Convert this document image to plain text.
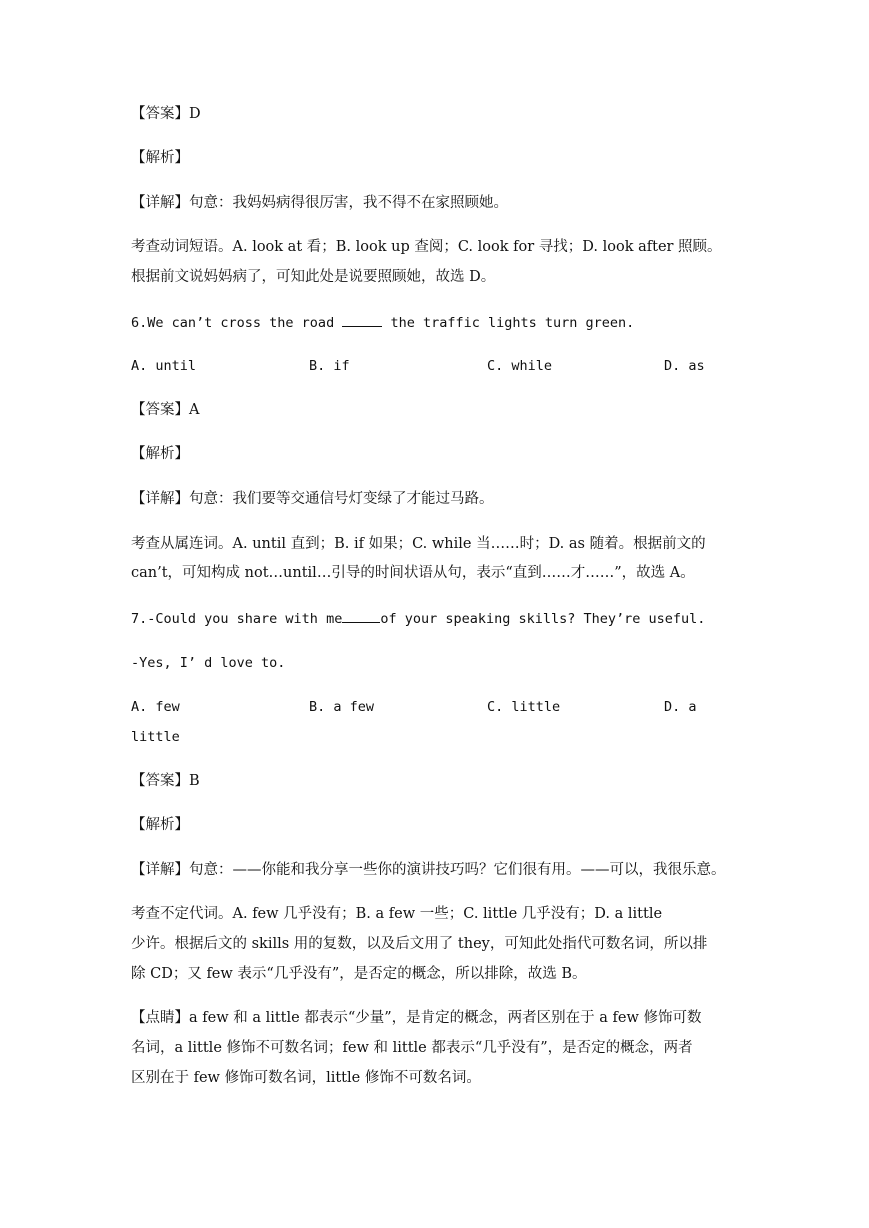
【答案】D
【解析】
【详解】句意：我妈妈病得很厉害，我不得不在家照顾她。
考查动词短语。A. look at 看；B. look up 查阅；C. look for 寻找；D. look after 照顾。
根据前文说妈妈病了，可知此处是说要照顾她，故选 D。
6.We can’t cross the road	the traffic lights turn green.
A. until	B. if	C. while	D. as
【答案】A
【解析】
【详解】句意：我们要等交通信号灯变绿了才能过马路。
考查从属连词。A. until 直到；B. if 如果；C. while 当……时；D. as 随着。根据前文的
can’t，可知构成 not…until…引导的时间状语从句，表示“直到……才……”，故选 A。
7.-Could you share with me	of your speaking skills? They’re useful.
-Yes, I’ d love to.
A. few	B. a few	C. little	D. a
little
【答案】B
【解析】
【详解】句意：——你能和我分享一些你的演讲技巧吗？它们很有用。——可以，我很乐意。
考查不定代词。A. few 几乎没有；B. a few 一些；C. little 几乎没有；D. a little
少许。根据后文的 skills 用的复数，以及后文用了 they，可知此处指代可数名词，所以排
除 CD；又 few 表示“几乎没有”，是否定的概念，所以排除，故选 B。
【点睛】a few 和 a little 都表示“少量”，是肯定的概念，两者区别在于 a few 修饰可数
名词，a little 修饰不可数名词；few 和 little 都表示“几乎没有”，是否定的概念，两者
区别在于 few 修饰可数名词，little 修饰不可数名词。
